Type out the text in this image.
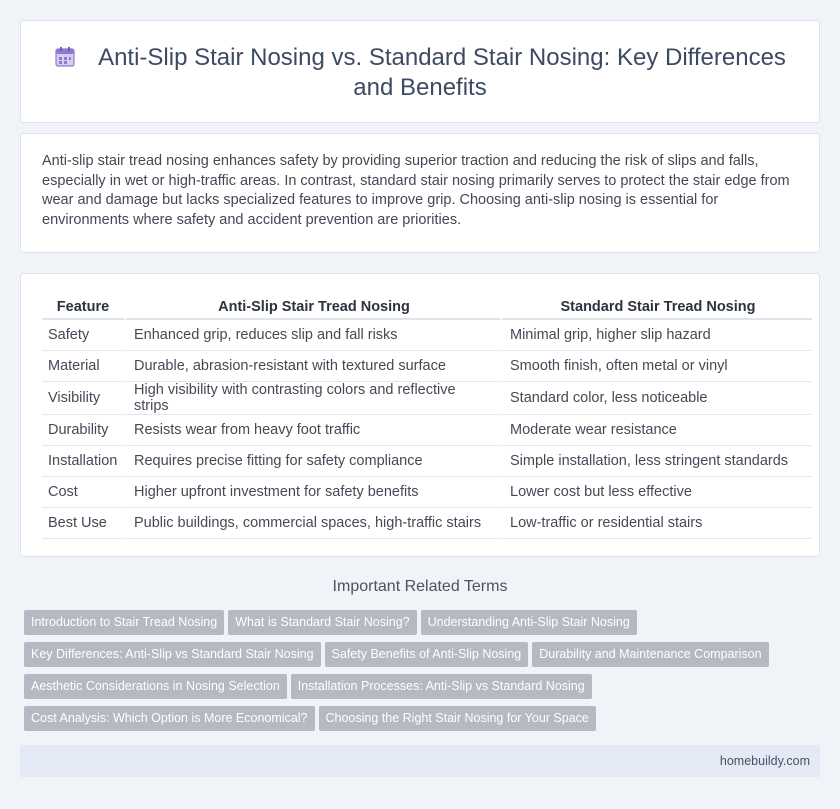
Anti-Slip Stair Nosing vs. Standard Stair Nosing: Key Differences
and Benefits

Anti-slip stair tread nosing enhances safety by providing superior traction and reducing the risk of slips and falls, especially in wet or high-traffic areas. In contrast, standard stair nosing primarily serves to protect the stair edge from wear and damage but lacks specialized features to improve grip. Choosing anti-slip nosing is essential for environments where safety and accident prevention are priorities.

Feature	Anti-Slip Stair Tread Nosing	Standard Stair Tread Nosing
Safety	Enhanced grip, reduces slip and fall risks	Minimal grip, higher slip hazard
Material	Durable, abrasion-resistant with textured surface	Smooth finish, often metal or vinyl
Visibility	High visibility with contrasting colors and reflective strips	Standard color, less noticeable
Durability	Resists wear from heavy foot traffic	Moderate wear resistance
Installation	Requires precise fitting for safety compliance	Simple installation, less stringent standards
Cost	Higher upfront investment for safety benefits	Lower cost but less effective
Best Use	Public buildings, commercial spaces, high-traffic stairs	Low-traffic or residential stairs
Important Related Terms
Introduction to Stair Tread Nosing What is Standard Stair Nosing? Understanding Anti-Slip Stair Nosing
Key Differences: Anti-Slip vs Standard Stair Nosing Safety Benefits of Anti-Slip Nosing Durability and Maintenance Comparison
Aesthetic Considerations in Nosing Selection Installation Processes: Anti-Slip vs Standard Nosing
Cost Analysis: Which Option is More Economical? Choosing the Right Stair Nosing for Your Space
homebuildy.com
